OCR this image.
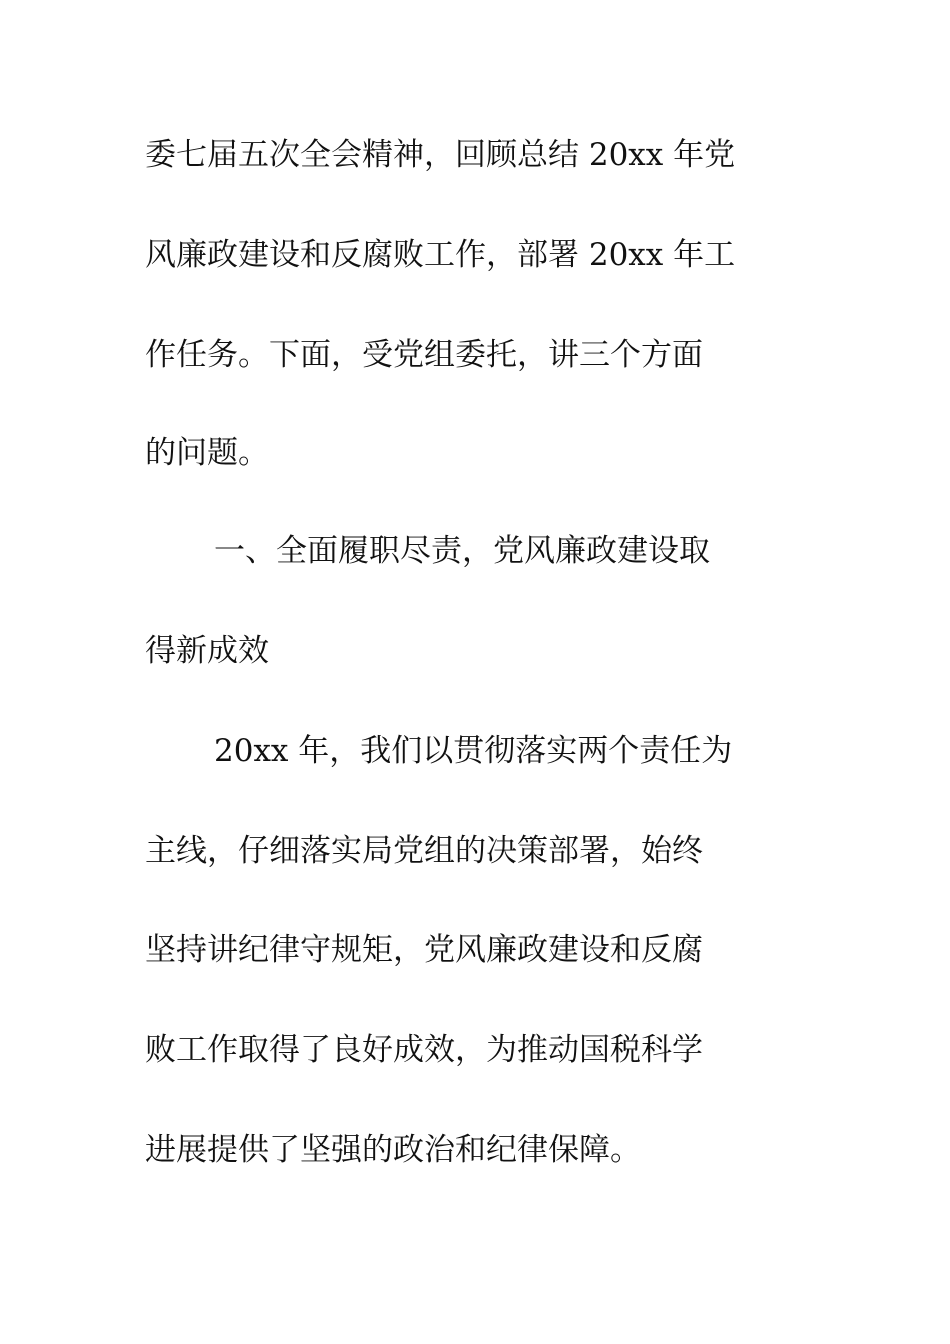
委七届五次全会精神，回顾总结 20xx 年党
风廉政建设和反腐败工作，部署 20xx 年工
作任务。下面，受党组委托，讲三个方面
的问题。
一、全面履职尽责，党风廉政建设取
得新成效
20xx 年，我们以贯彻落实两个责任为
主线，仔细落实局党组的决策部署，始终
坚持讲纪律守规矩，党风廉政建设和反腐
败工作取得了良好成效，为推动国税科学
进展提供了坚强的政治和纪律保障。
